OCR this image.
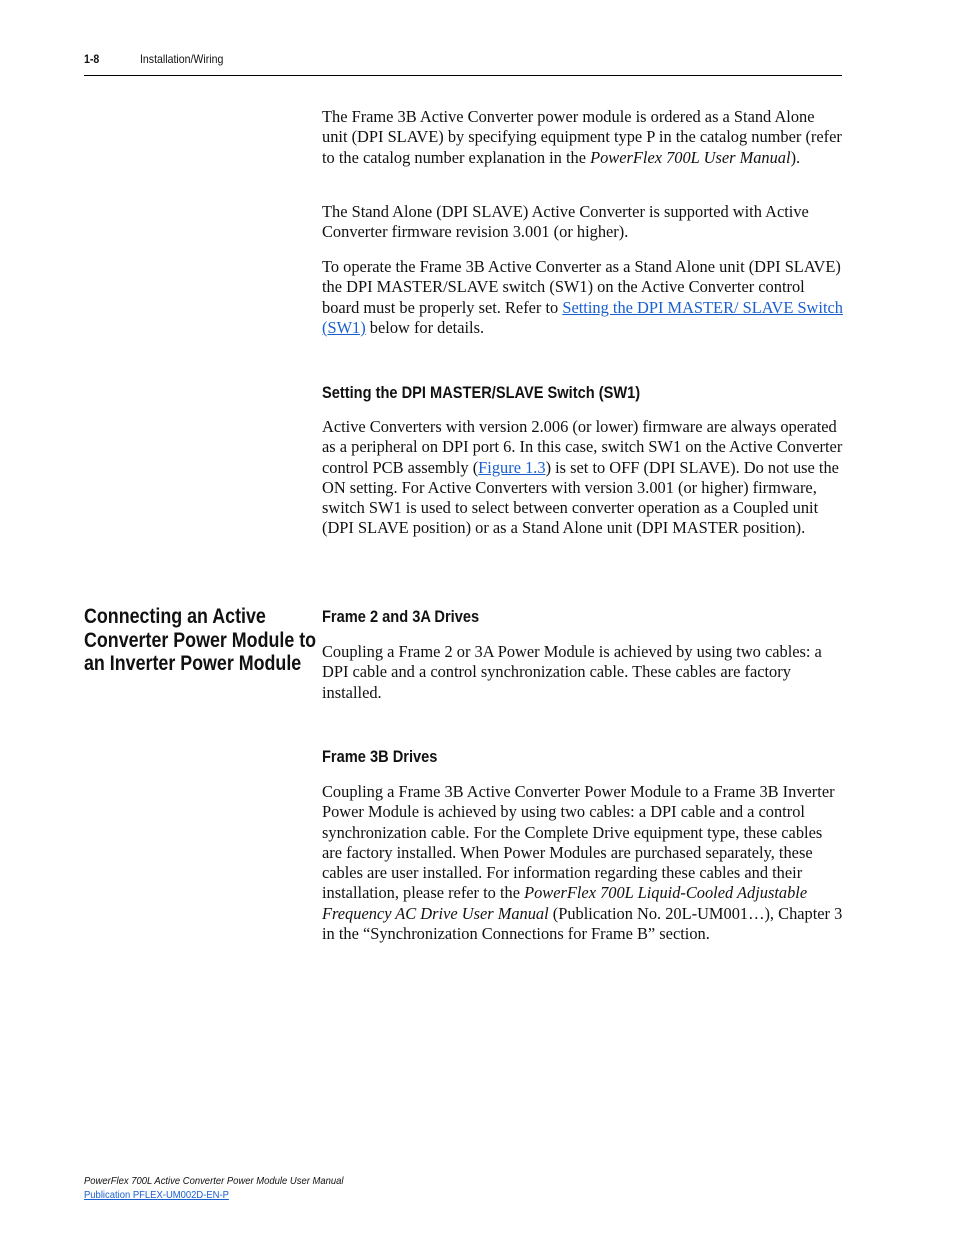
1-8	Installation/Wiring

The Frame 3B Active Converter power module is ordered as a Stand Alone unit (DPI SLAVE) by specifying equipment type P in the catalog number (refer to the catalog number explanation in the PowerFlex 700L User Manual).

The Stand Alone (DPI SLAVE) Active Converter is supported with Active Converter firmware revision 3.001 (or higher).

To operate the Frame 3B Active Converter as a Stand Alone unit (DPI SLAVE) the DPI MASTER/SLAVE switch (SW1) on the Active Converter control board must be properly set. Refer to Setting the DPI MASTER/ SLAVE Switch (SW1) below for details.

Setting the DPI MASTER/SLAVE Switch (SW1)

Active Converters with version 2.006 (or lower) firmware are always operated as a peripheral on DPI port 6. In this case, switch SW1 on the Active Converter control PCB assembly (Figure 1.3) is set to OFF (DPI SLAVE). Do not use the ON setting. For Active Converters with version 3.001 (or higher) firmware, switch SW1 is used to select between converter operation as a Coupled unit (DPI SLAVE position) or as a Stand Alone unit (DPI MASTER position).

Connecting an Active
Converter Power Module to
an Inverter Power Module
Frame 2 and 3A Drives

Coupling a Frame 2 or 3A Power Module is achieved by using two cables: a DPI cable and a control synchronization cable. These cables are factory installed.

Frame 3B Drives

Coupling a Frame 3B Active Converter Power Module to a Frame 3B Inverter Power Module is achieved by using two cables: a DPI cable and a control synchronization cable. For the Complete Drive equipment type, these cables are factory installed. When Power Modules are purchased separately, these cables are user installed. For information regarding these cables and their installation, please refer to the PowerFlex 700L Liquid-Cooled Adjustable Frequency AC Drive User Manual (Publication No. 20L-UM001…), Chapter 3 in the “Synchronization Connections for Frame B” section.

PowerFlex 700L Active Converter Power Module User Manual
Publication PFLEX-UM002D-EN-P
